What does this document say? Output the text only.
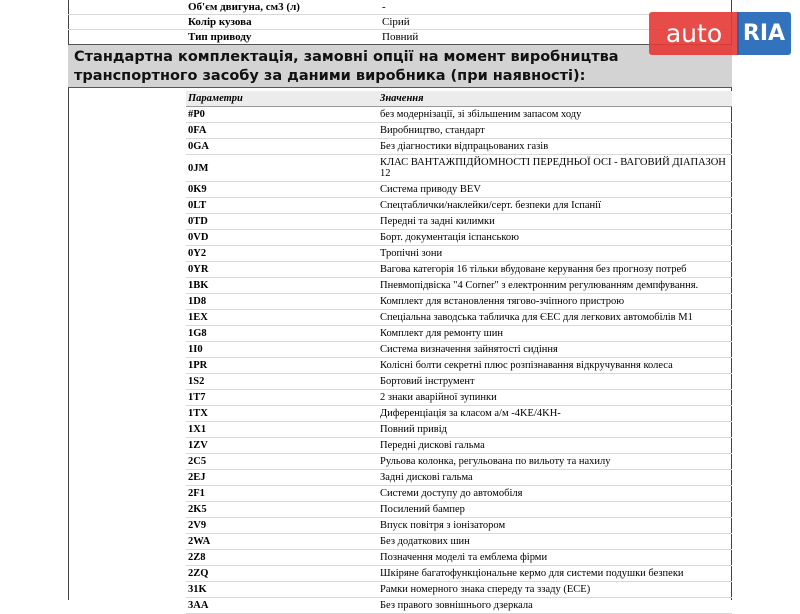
Об'єм двигуна, см3 (л)	-
Колір кузова	Сірий
Тип приводу	Повний
Стандартна комплектація, замовні опції на момент виробництва транспортного засобу за даними виробника (при наявності):
Параметри	Значення
#P0	без модернізації, зі збільшеним запасом ходу
0FA	Виробництво, стандарт
0GA	Без діагностики відпрацьованих газів
0JM	КЛАС ВАНТАЖПІДЙОМНОСТІ ПЕРЕДНЬОЇ ОСІ - ВАГОВИЙ ДІАПАЗОН 12
0K9	Система приводу BEV
0LT	Спецтаблички/наклейки/серт. безпеки для Іспанії
0TD	Передні та задні килимки
0VD	Борт. документація іспанською
0Y2	Тропічні зони
0YR	Вагова категорія 16 тільки вбудоване керування без прогнозу потреб
1BK	Пневмопідвіска "4 Corner" з електронним регулюванням демпфування.
1D8	Комплект для встановлення тягово-зчіпного пристрою
1EX	Спеціальна заводська табличка для ЄЕС для легкових автомобілів М1
1G8	Комплект для ремонту шин
1I0	Система визначення зайнятості сидіння
1PR	Колісні болти секретні плюс розпізнавання відкручування колеса
1S2	Бортовий інструмент
1T7	2 знаки аварійної зупинки
1TX	Диференціація за класом а/м -4KE/4KH-
1X1	Повний привід
1ZV	Передні дискові гальма
2C5	Рульова колонка, регульована по вильоту та нахилу
2EJ	Задні дискові гальма
2F1	Системи доступу до автомобіля
2K5	Посилений бампер
2V9	Впуск повітря з іонізатором
2WA	Без додаткових шин
2Z8	Позначення моделі та емблема фірми
2ZQ	Шкіряне багатофункціональне кермо для системи подушки безпеки
31K	Рамки номерного знака спереду та ззаду (ЕСЕ)
3AA	Без правого зовнішнього дзеркала
auto RIA
